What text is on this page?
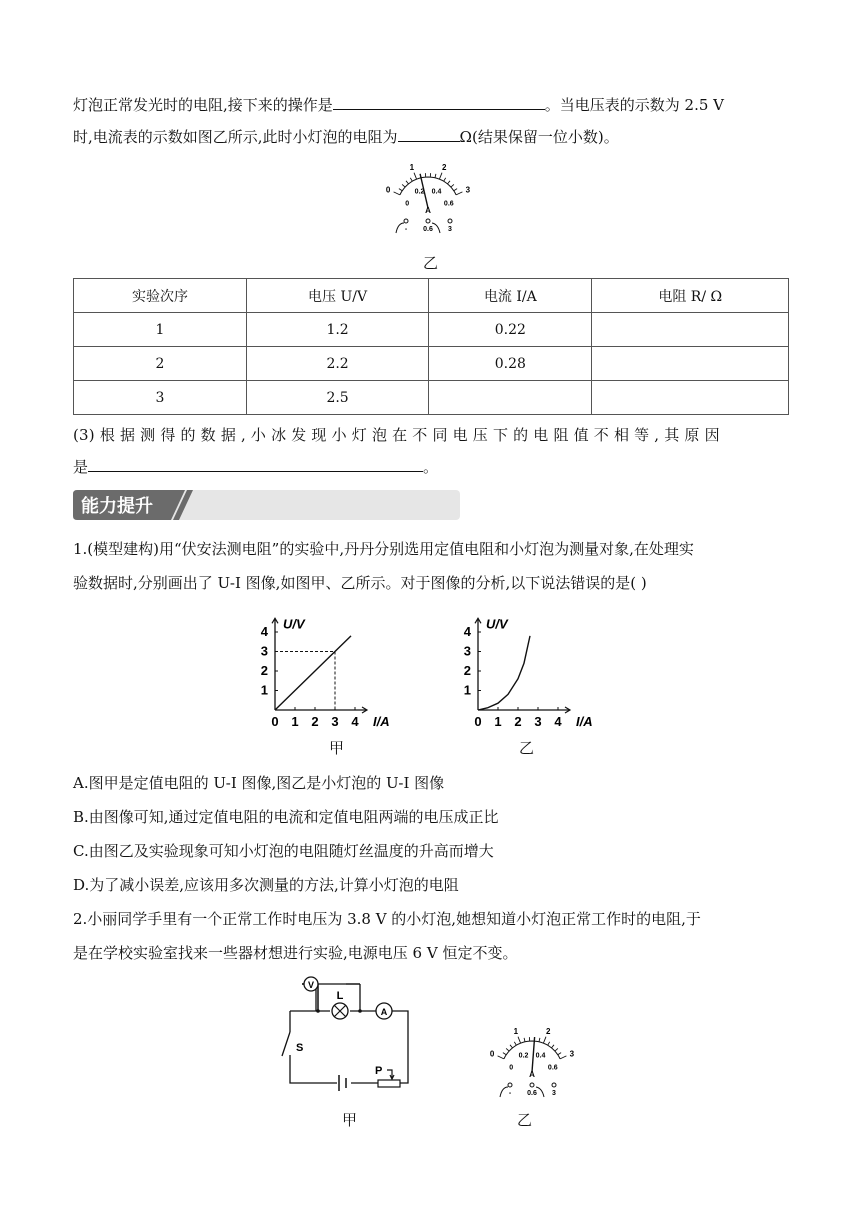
灯泡正常发光时的电阻,接下来的操作是	。当电压表的示数为 2.5 V
时,电流表的示数如图乙所示,此时小灯泡的电阻为	Ω(结果保留一位小数)。
0
1	2
3
0
0.2 0.4
0.6
A
- 0.6 3
乙
实验次序	电压 U/V	电流 I/A	电阻 R/ Ω
1	1.2	0.22	
2	2.2	0.28	
3	2.5		
(3) 根 据 测 得 的 数 据 , 小 冰 发 现 小 灯 泡 在 不 同 电 压 下 的 电 阻 值 不 相 等 , 其 原 因
是	。
能力提升
1.(模型建构)用“伏安法测电阻”的实验中,丹丹分别选用定值电阻和小灯泡为测量对象,在处理实
验数据时,分别画出了 U-I 图像,如图甲、乙所示。对于图像的分析,以下说法错误的是( )
0 1 2 3 4
1
2
3
4
U/V
I/A	0 1 2 3 4
1
2
3
4
U/V
I/A
甲	乙
A.图甲是定值电阻的 U-I 图像,图乙是小灯泡的 U-I 图像
B.由图像可知,通过定值电阻的电流和定值电阻两端的电压成正比
C.由图乙及实验现象可知小灯泡的电阻随灯丝温度的升高而增大
D.为了减小误差,应该用多次测量的方法,计算小灯泡的电阻
2.小丽同学手里有一个正常工作时电压为 3.8 V 的小灯泡,她想知道小灯泡正常工作时的电阻,于
是在学校实验室找来一些器材想进行实验,电源电压 6 V 恒定不变。
V
L
A
S
P
0
1	2
3
0
0.2 0.4
0.6
A
- 0.6 3
甲	乙
